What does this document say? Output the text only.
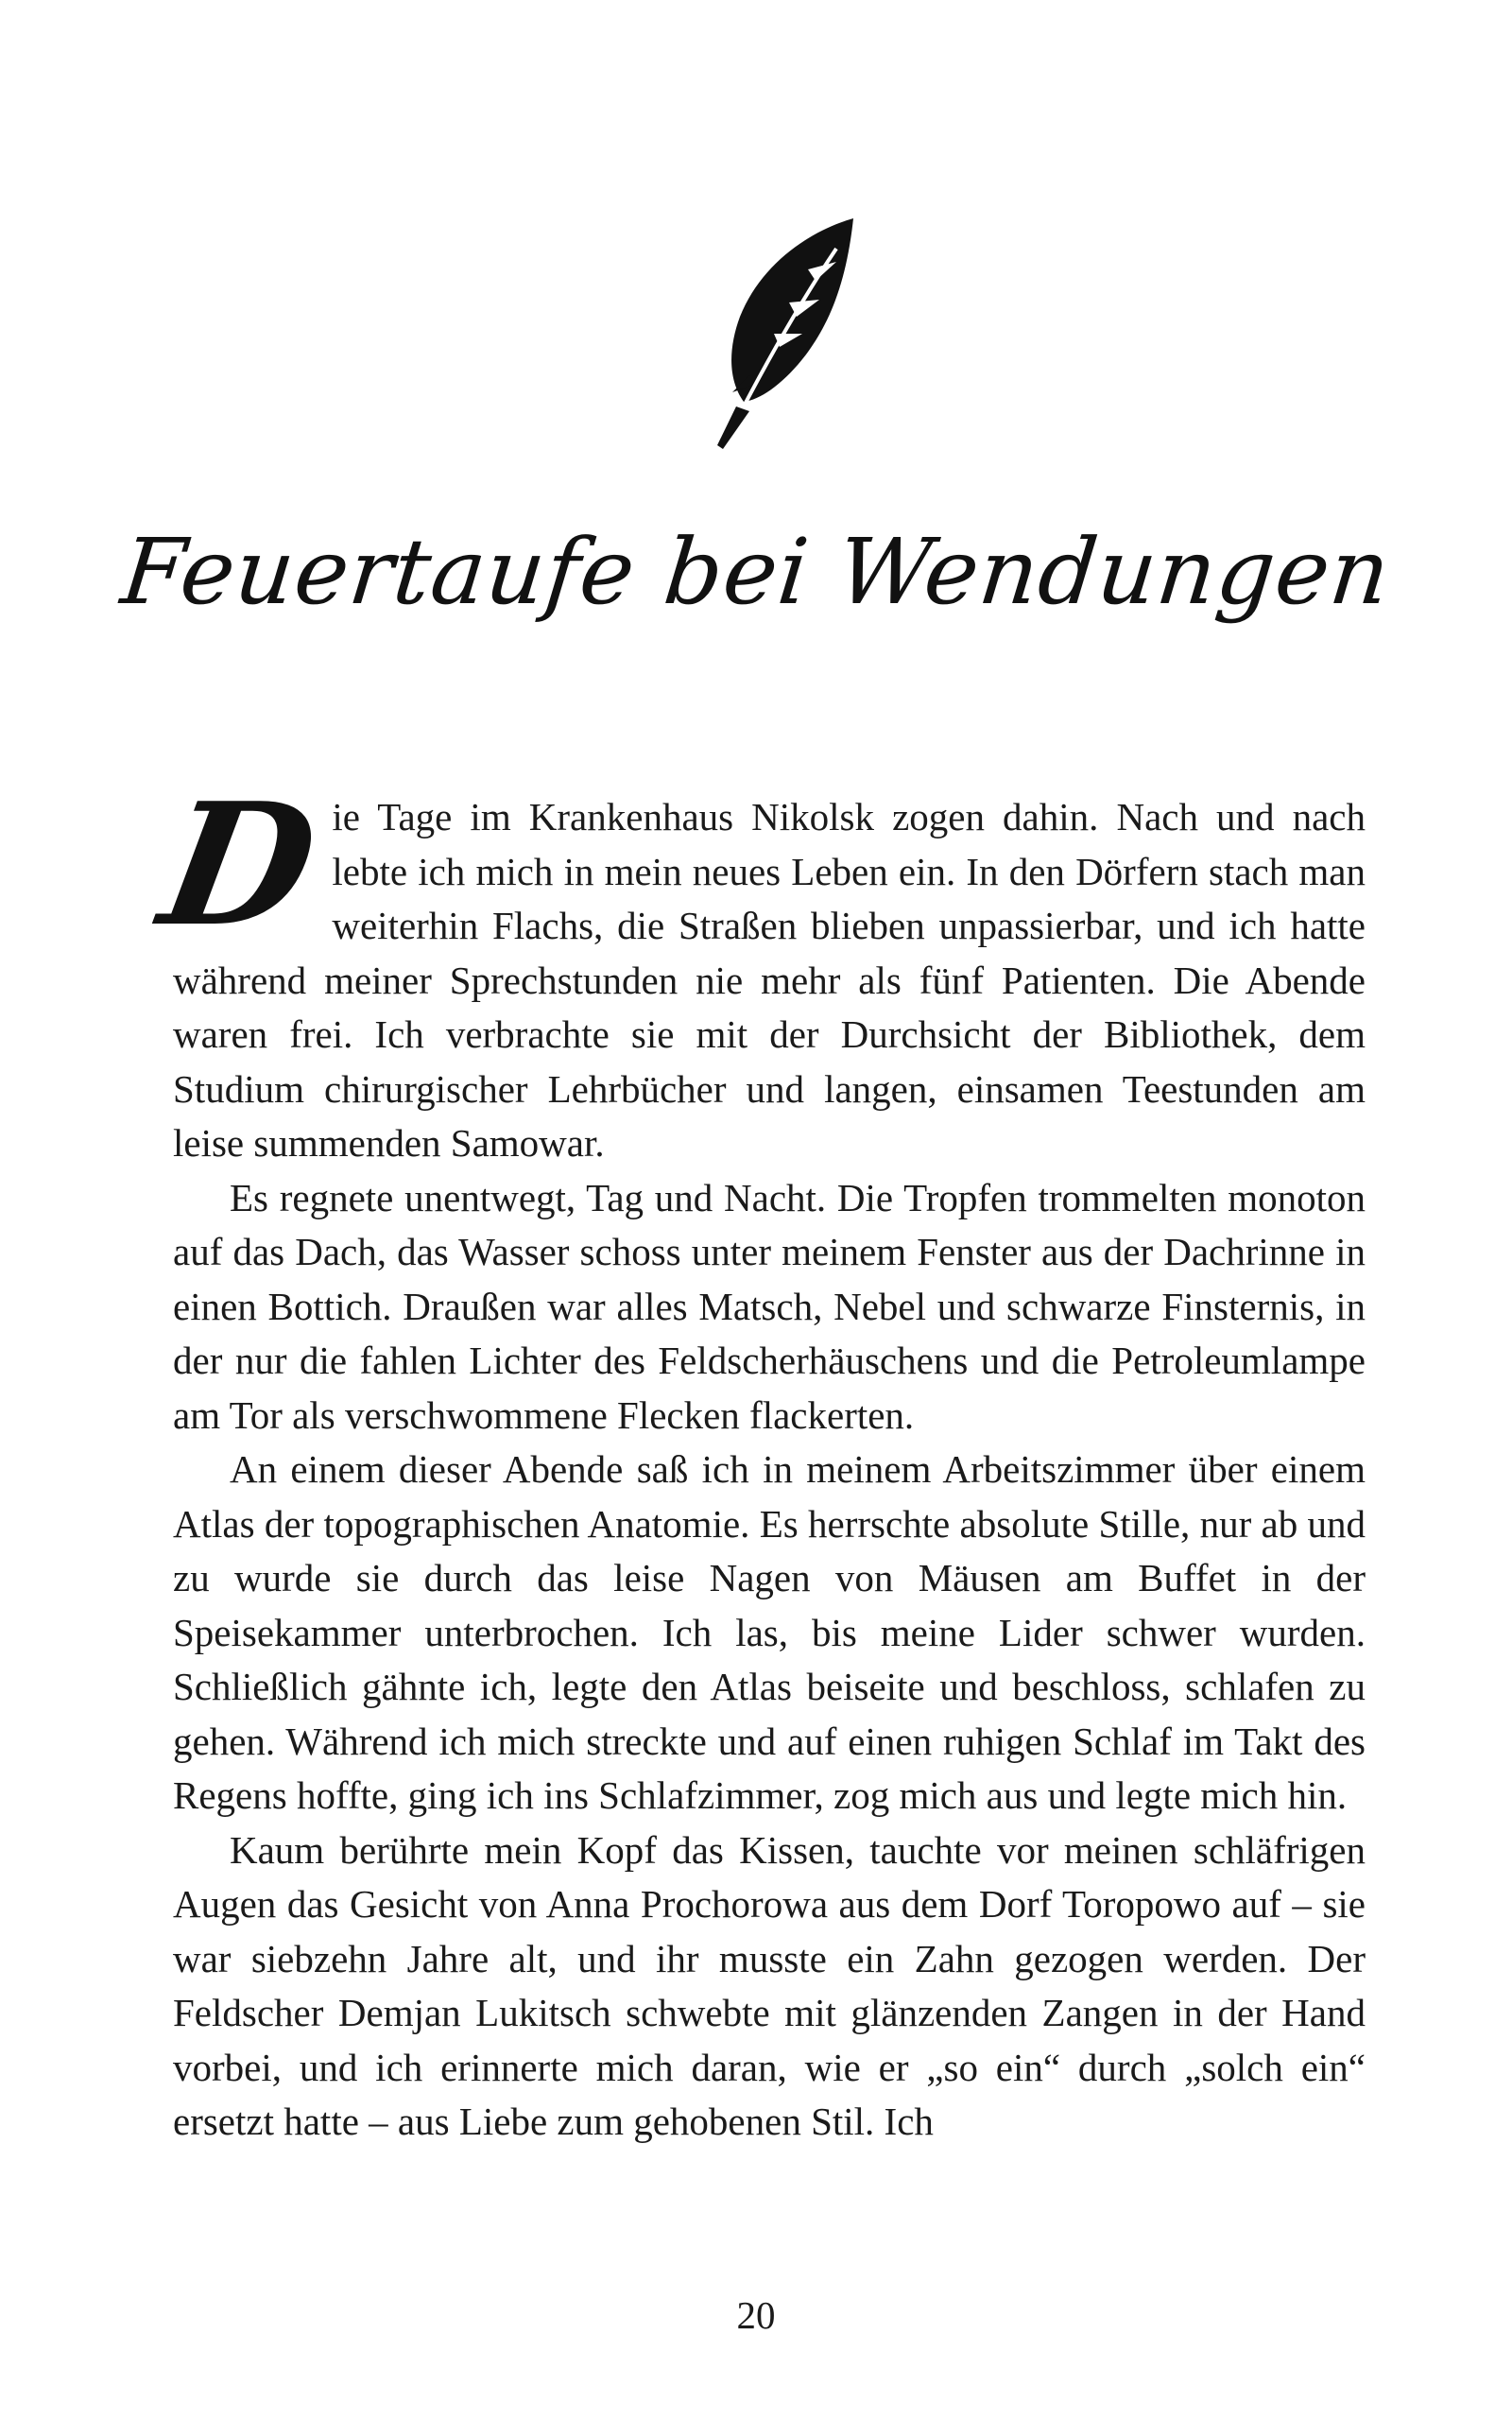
Feuertaufe bei Wendungen

Die Tage im Krankenhaus Nikolsk zogen dahin. Nach und nach lebte ich mich in mein neues Leben ein. In den Dörfern stach man weiterhin Flachs, die Straßen blieben unpassierbar, und ich hatte während meiner Sprechstunden nie mehr als fünf Patienten. Die Abende waren frei. Ich verbrachte sie mit der Durchsicht der Bibliothek, dem Studium chirurgischer Lehrbücher und langen, einsamen Teestunden am leise summenden Samowar.

Es regnete unentwegt, Tag und Nacht. Die Tropfen trommelten monoton auf das Dach, das Wasser schoss unter meinem Fenster aus der Dachrinne in einen Bottich. Draußen war alles Matsch, Nebel und schwarze Finsternis, in der nur die fahlen Lichter des Feldscherhäuschens und die Petroleumlampe am Tor als verschwommene Flecken flackerten.

An einem dieser Abende saß ich in meinem Arbeitszimmer über einem Atlas der topographischen Anatomie. Es herrschte absolute Stille, nur ab und zu wurde sie durch das leise Nagen von Mäusen am Buffet in der Speisekammer unterbrochen. Ich las, bis meine Lider schwer wurden. Schließlich gähnte ich, legte den Atlas beiseite und beschloss, schlafen zu gehen. Während ich mich streckte und auf einen ruhigen Schlaf im Takt des Regens hoffte, ging ich ins Schlafzimmer, zog mich aus und legte mich hin.

Kaum berührte mein Kopf das Kissen, tauchte vor meinen schläfrigen Augen das Gesicht von Anna Prochorowa aus dem Dorf Toropowo auf – sie war siebzehn Jahre alt, und ihr musste ein Zahn gezogen werden. Der Feldscher Demjan Lukitsch schwebte mit glänzenden Zangen in der Hand vorbei, und ich erinnerte mich daran, wie er „so ein“ durch „solch ein“ ersetzt hatte – aus Liebe zum gehobenen Stil. Ich

20
